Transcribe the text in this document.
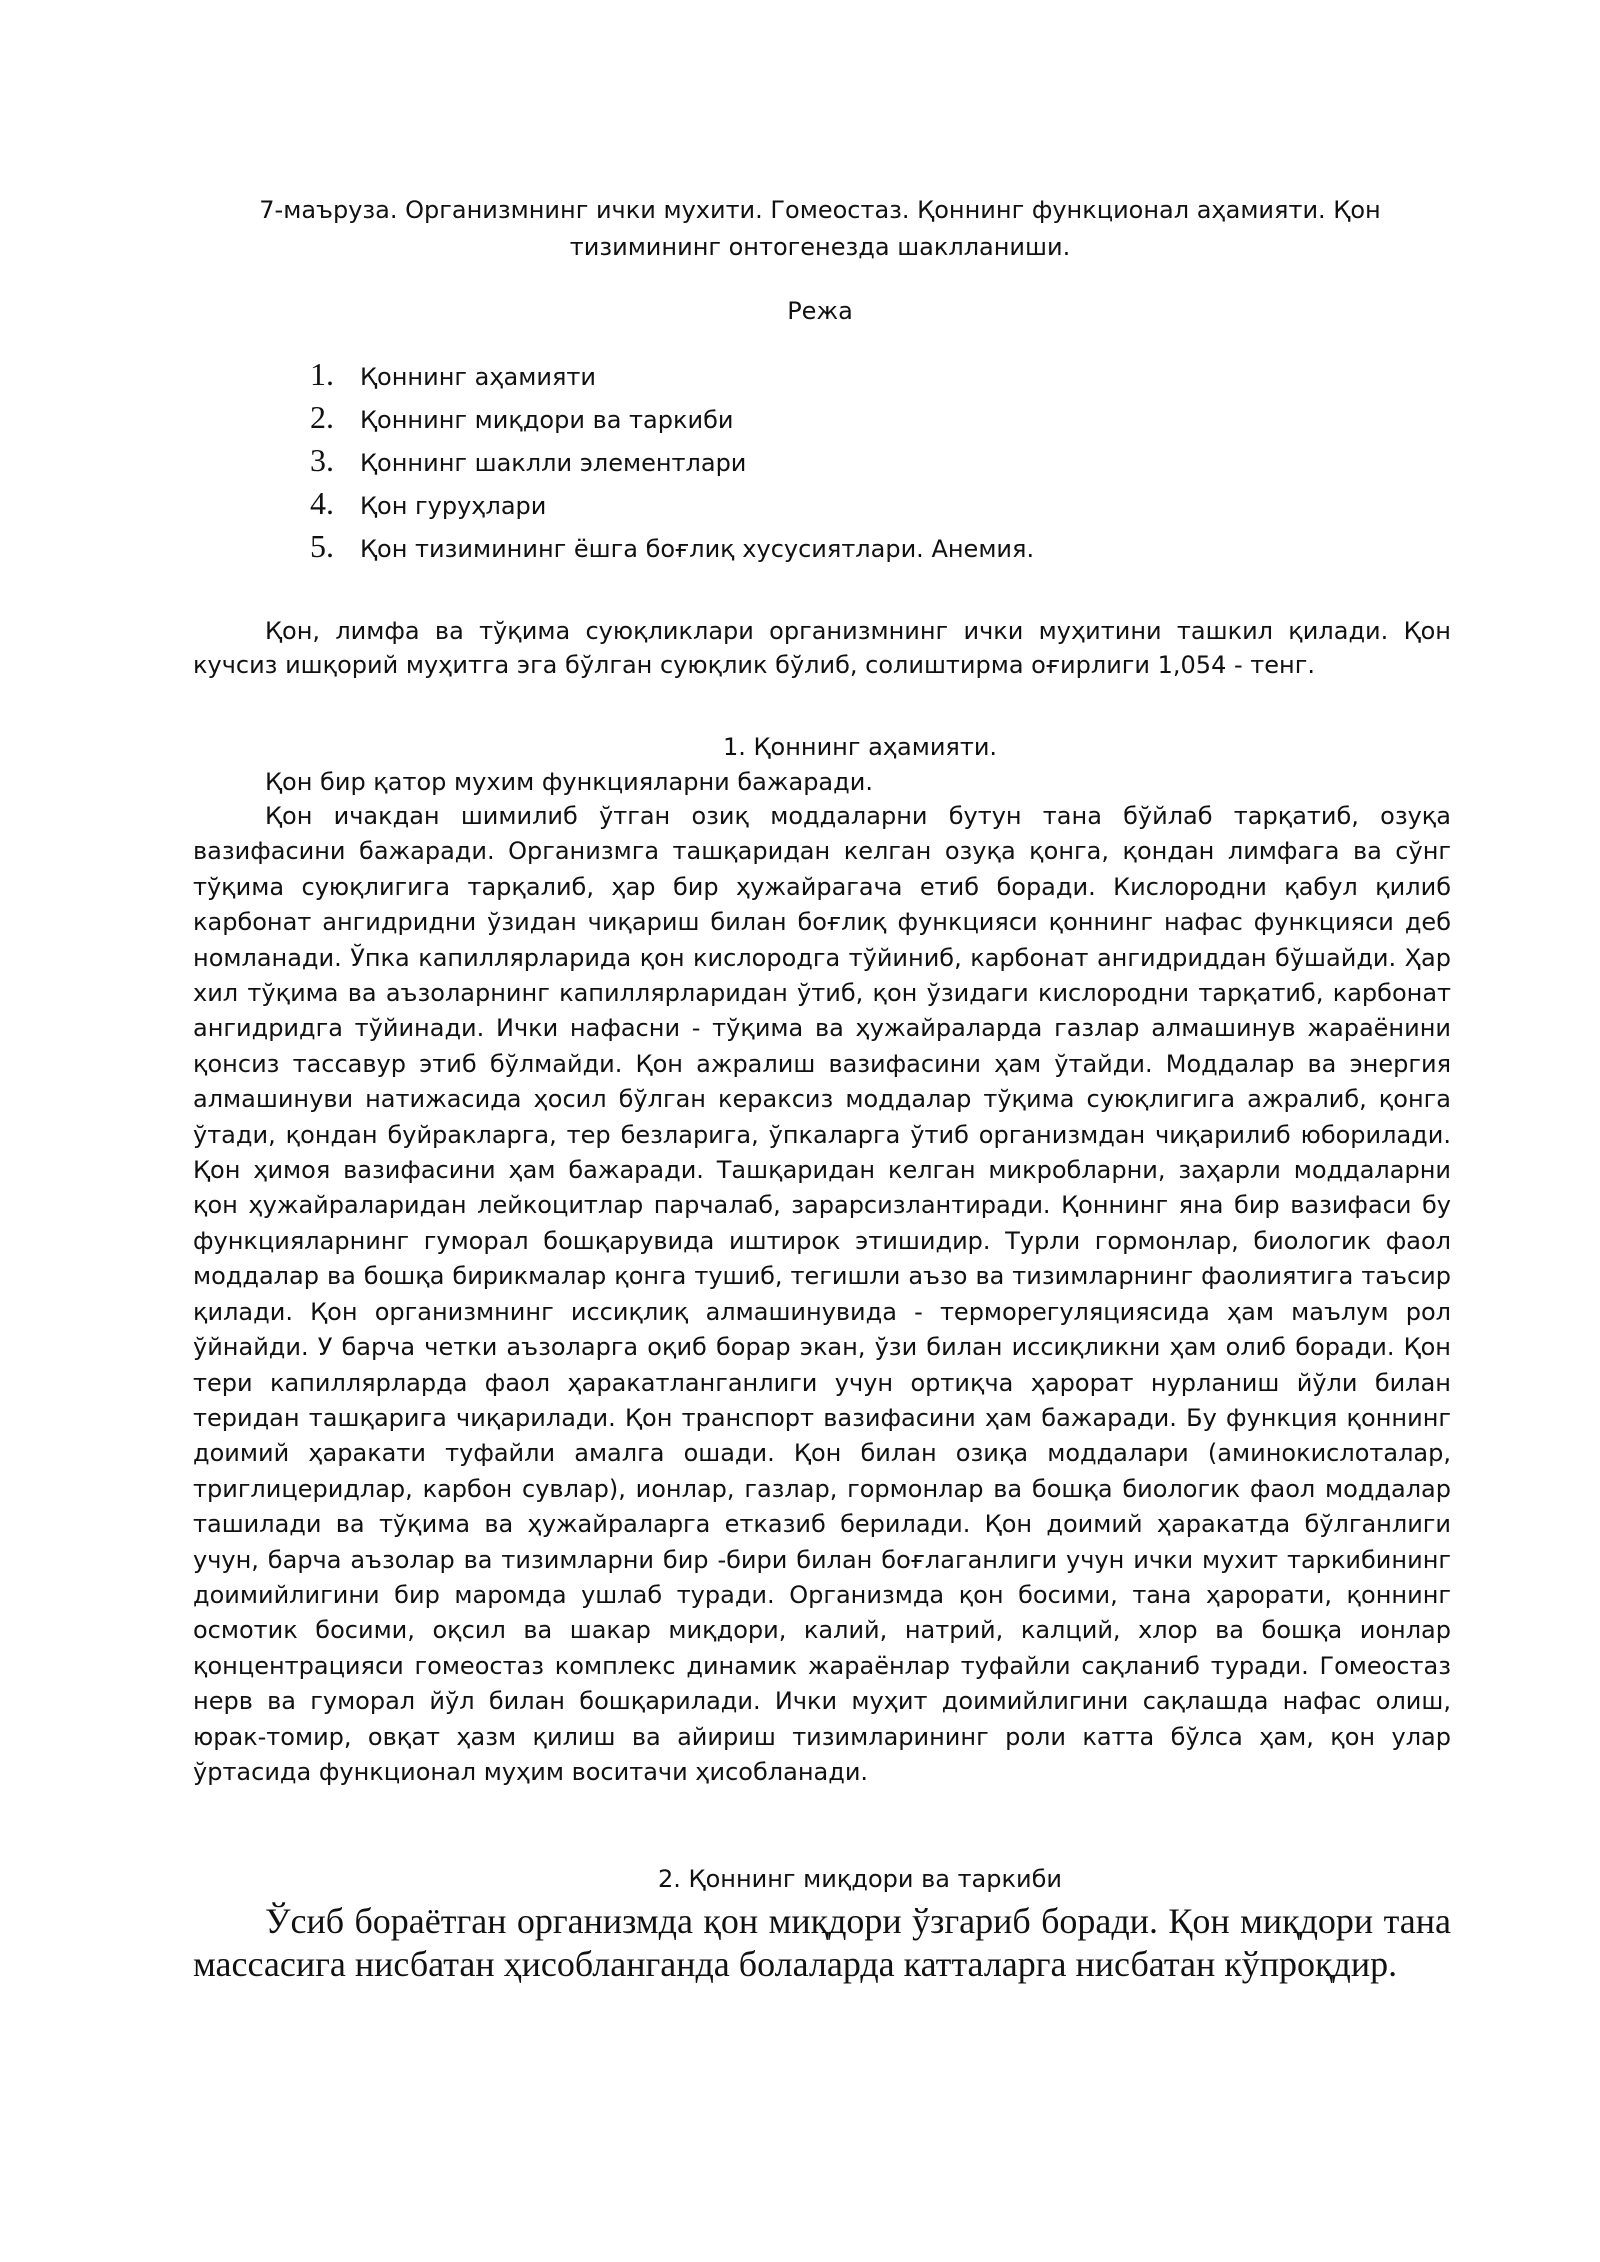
7-маъруза. Организмнинг ички мухити. Гомеостаз. Қоннинг функционал аҳамияти. Қон тизимининг онтогенезда шаклланиши.
Режа
1.	Қоннинг аҳамияти
2.	Қоннинг миқдори ва таркиби
3.	Қоннинг шаклли элементлари
4.	Қон гуруҳлари
5.	Қон тизимининг ёшга боғлиқ хусусиятлари. Анемия.

Қон, лимфа ва тўқима суюқликлари организмнинг ички муҳитини ташкил қилади. Қон кучсиз ишқорий муҳитга эга бўлган суюқлик бўлиб, солиштирма оғирлиги 1,054 - тенг.

1. Қоннинг аҳамияти.

Қон бир қатор мухим функцияларни бажаради.

Қон ичакдан шимилиб ўтган озиқ моддаларни бутун тана бўйлаб тарқатиб, озуқа вазифасини бажаради. Организмга ташқаридан келган озуқа қонга, қондан лимфага ва сўнг тўқима суюқлигига тарқалиб, ҳар бир ҳужайрагача етиб боради. Кислородни қабул қилиб карбонат ангидридни ўзидан чиқариш билан боғлиқ функцияси қоннинг нафас функцияси деб номланади. Ўпка капиллярларида қон кислородга тўйиниб, карбонат ангидриддан бўшайди. Ҳар хил тўқима ва аъзоларнинг капиллярларидан ўтиб, қон ўзидаги кислородни тарқатиб, карбонат ангидридга тўйинади. Ички нафасни - тўқима ва ҳужайраларда газлар алмашинув жараёнини қонсиз тассавур этиб бўлмайди. Қон ажралиш вазифасини ҳам ўтайди. Моддалар ва энергия алмашинуви натижасида ҳосил бўлган кераксиз моддалар тўқима суюқлигига ажралиб, қонга ўтади, қондан буйракларга, тер безларига, ўпкаларга ўтиб организмдан чиқарилиб юборилади. Қон ҳимоя вазифасини ҳам бажаради. Ташқаридан келган микробларни, заҳарли моддаларни қон ҳужайраларидан лейкоцитлар парчалаб, зарарсизлантиради. Қоннинг яна бир вазифаси бу функцияларнинг гуморал бошқарувида иштирок этишидир. Турли гормонлар, биологик фаол моддалар ва бошқа бирикмалар қонга тушиб, тегишли аъзо ва тизимларнинг фаолиятига таъсир қилади. Қон организмнинг иссиқлиқ алмашинувида - терморегуляциясида ҳам маълум рол ўйнайди. У барча четки аъзоларга оқиб борар экан, ўзи билан иссиқликни ҳам олиб боради. Қон тери капиллярларда фаол ҳаракатланганлиги учун ортиқча ҳарорат нурланиш йўли билан теридан ташқарига чиқарилади. Қон транспорт вазифасини ҳам бажаради. Бу функция қоннинг доимий ҳаракати туфайли амалга ошади. Қон билан озиқа моддалари (аминокислоталар, триглицеридлар, карбон сувлар), ионлар, газлар, гормонлар ва бошқа биологик фаол моддалар ташилади ва тўқима ва ҳужайраларга етказиб берилади. Қон доимий ҳаракатда бўлганлиги учун, барча аъзолар ва тизимларни бир -бири билан боғлаганлиги учун ички мухит таркибининг доимийлигини бир маромда ушлаб туради. Организмда қон босими, тана ҳарорати, қоннинг осмотик босими, оқсил ва шакар миқдори, калий, натрий, калций, хлор ва бошқа ионлар қонцентрацияси гомеостаз комплекс динамик жараёнлар туфайли сақланиб туради. Гомеостаз нерв ва гуморал йўл билан бошқарилади. Ички муҳит доимийлигини сақлашда нафас олиш, юрак-томир, овқат ҳазм қилиш ва айириш тизимларининг роли катта бўлса ҳам, қон улар ўртасида функционал муҳим воситачи ҳисобланади.

2. Қоннинг миқдори ва таркиби

Ўсиб бораётган организмда қон миқдори ўзгариб боради. Қон миқдори тана массасига нисбатан ҳисобланганда болаларда катталарга нисбатан кўпроқдир.
